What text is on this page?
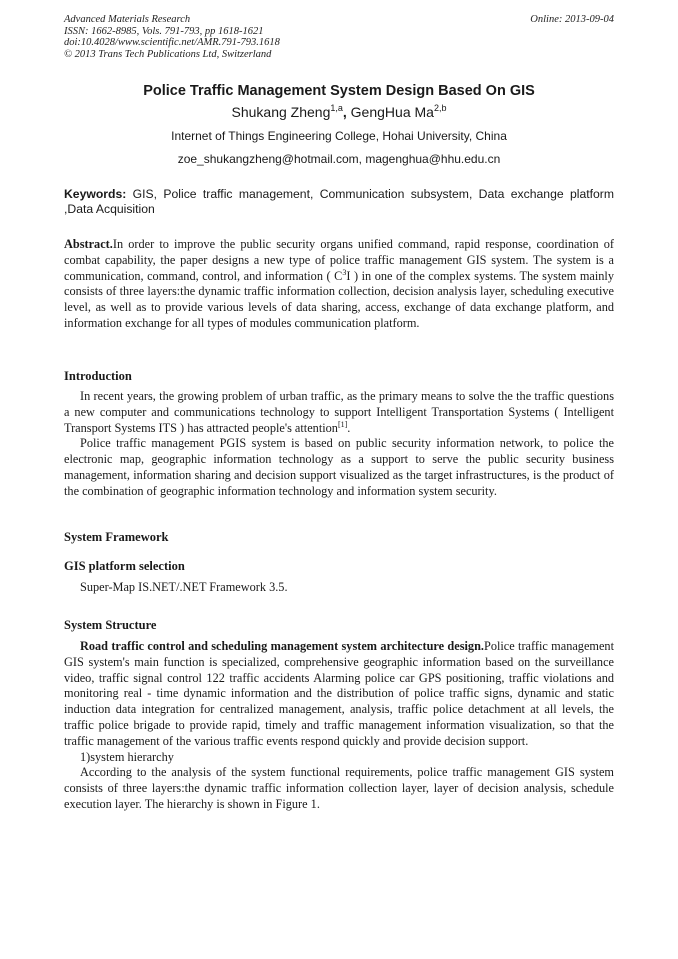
Advanced Materials Research
ISSN: 1662-8985, Vols. 791-793, pp 1618-1621
doi:10.4028/www.scientific.net/AMR.791-793.1618
© 2013 Trans Tech Publications Ltd, Switzerland
Online: 2013-09-04
Police Traffic Management System Design Based On GIS
Shukang Zheng$^{1,a}$, GengHua Ma$^{2,b}$
Internet of Things Engineering College, Hohai University, China
zoe_shukangzheng@hotmail.com, magenghua@hhu.edu.cn
Keywords: GIS, Police traffic management, Communication subsystem, Data exchange platform ,Data Acquisition

Abstract.In order to improve the public security organs unified command, rapid response, coordination of combat capability, the paper designs a new type of police traffic management GIS system. The system is a communication, command, control, and information ( $C^3I$ ) in one of the complex systems. The system mainly consists of three layers:the dynamic traffic information collection, decision analysis layer, scheduling executive level, as well as to provide various levels of data sharing, access, exchange of data exchange platform, and information exchange for all types of modules communication platform.

Introduction

In recent years, the growing problem of urban traffic, as the primary means to solve the the traffic questions a new computer and communications technology to support Intelligent Transportation Systems ( Intelligent Transport Systems ITS ) has attracted people's attention[1].

Police traffic management PGIS system is based on public security information network, to police the electronic map, geographic information technology as a support to serve the public security business management, information sharing and decision support visualized as the target infrastructures, is the product of the combination of geographic information technology and information system security.

System Framework
GIS platform selection

Super-Map IS.NET/.NET Framework 3.5.

System Structure

Road traffic control and scheduling management system architecture design.Police traffic management GIS system's main function is specialized, comprehensive geographic information based on the surveillance video, traffic signal control 122 traffic accidents Alarming police car GPS positioning, traffic violations and monitoring real - time dynamic information and the distribution of police traffic signs, dynamic and static induction data integration for centralized management, analysis, traffic police detachment at all levels, the traffic police brigade to provide rapid, timely and traffic management information visualization, so that the traffic management of the various traffic events respond quickly and provide decision support.

1)system hierarchy

According to the analysis of the system functional requirements, police traffic management GIS system consists of three layers:the dynamic traffic information collection layer, layer of decision analysis, schedule execution layer. The hierarchy is shown in Figure 1.
